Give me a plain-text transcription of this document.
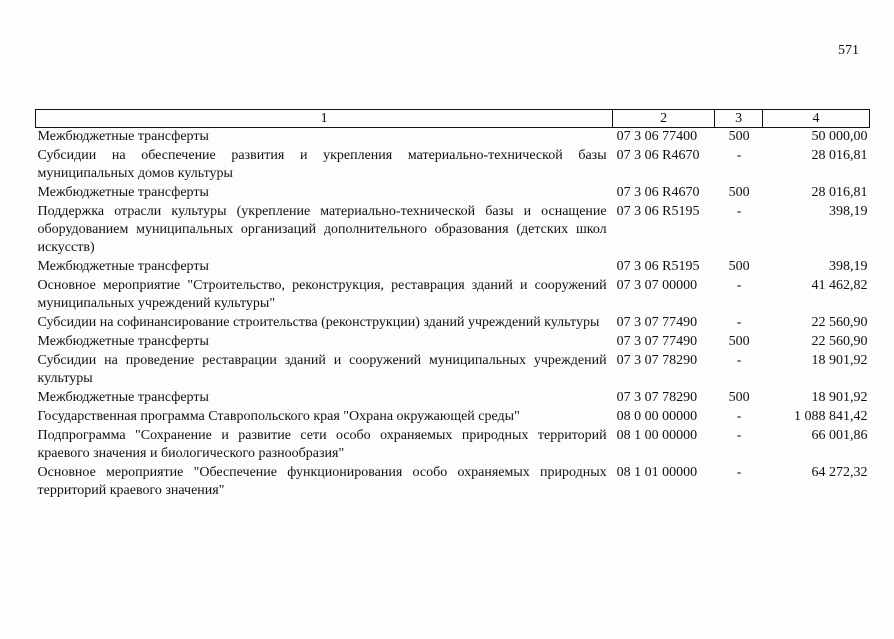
571
1	2	3	4
Межбюджетные трансферты	07 3 06 77400	500	50 000,00
Субсидии на обеспечение развития и укрепления материально-технической базы муниципальных домов культуры	07 3 06 R4670	-	28 016,81
Межбюджетные трансферты	07 3 06 R4670	500	28 016,81
Поддержка отрасли культуры (укрепление материально-технической базы и оснащение оборудованием муниципальных организаций дополнительного образования (детских школ искусств)	07 3 06 R5195	-	398,19
Межбюджетные трансферты	07 3 06 R5195	500	398,19
Основное мероприятие "Строительство, реконструкция, реставрация зданий и сооружений муниципальных учреждений культуры"	07 3 07 00000	-	41 462,82
Субсидии на софинансирование строительства (реконструкции) зданий учреждений культуры	07 3 07 77490	-	22 560,90
Межбюджетные трансферты	07 3 07 77490	500	22 560,90
Субсидии на проведение реставрации зданий и сооружений муниципальных учреждений культуры	07 3 07 78290	-	18 901,92
Межбюджетные трансферты	07 3 07 78290	500	18 901,92
Государственная программа Ставропольского края "Охрана окружающей среды"	08 0 00 00000	-	1 088 841,42
Подпрограмма "Сохранение и развитие сети особо охраняемых природных территорий краевого значения и биологического разнообразия"	08 1 00 00000	-	66 001,86
Основное мероприятие "Обеспечение функционирования особо охраняемых природных территорий краевого значения"	08 1 01 00000	-	64 272,32
